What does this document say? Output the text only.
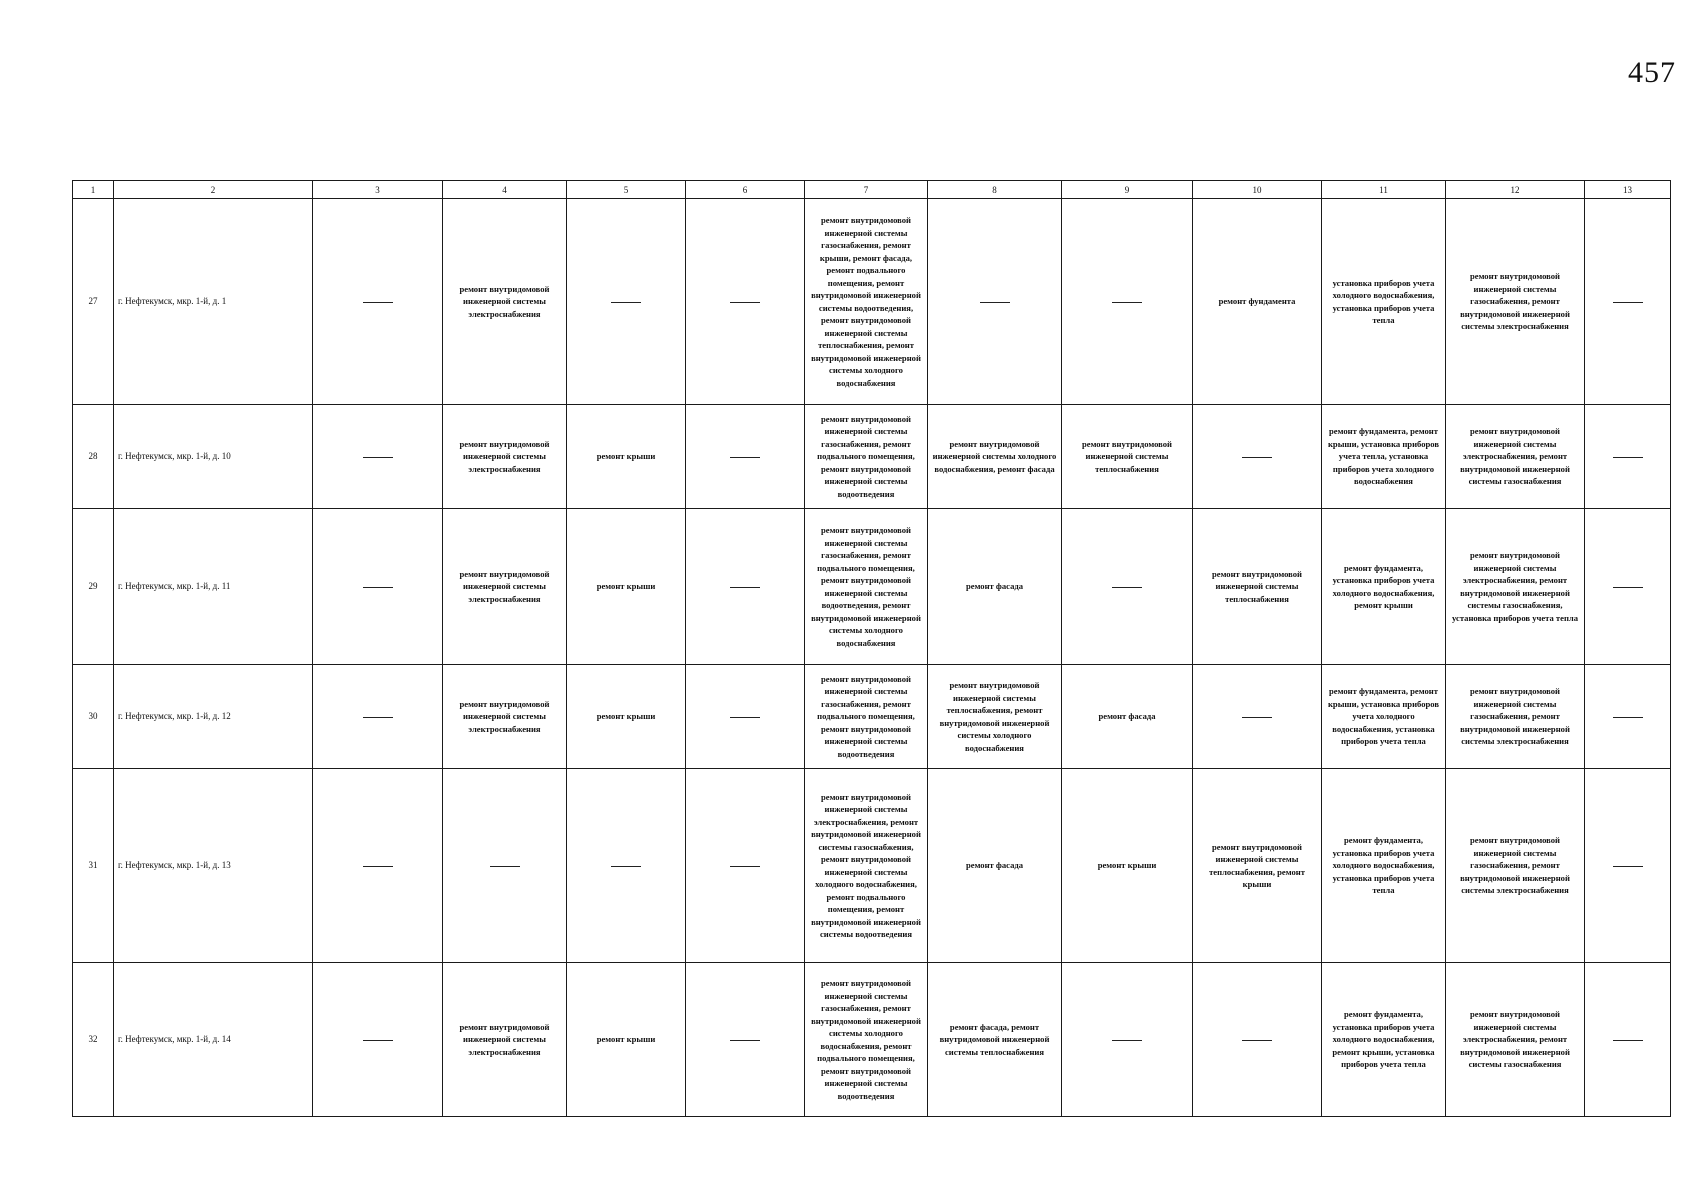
457
1	2	3	4	5	6	7	8	9	10	11	12	13
27	г. Нефтекумск, мкр. 1-й, д. 1		ремонт внутридомовой инженерной системы электроснабжения			ремонт внутридомовой инженерной системы газоснабжения, ремонт крыши, ремонт фасада, ремонт подвального помещения, ремонт внутридомовой инженерной системы водоотведения, ремонт внутридомовой инженерной системы теплоснабжения, ремонт внутридомовой инженерной системы холодного водоснабжения			ремонт фундамента	установка приборов учета холодного водоснабжения, установка приборов учета тепла	ремонт внутридомовой инженерной системы газоснабжения, ремонт внутридомовой инженерной системы электроснабжения	
28	г. Нефтекумск, мкр. 1-й, д. 10		ремонт внутридомовой инженерной системы электроснабжения	ремонт крыши		ремонт внутридомовой инженерной системы газоснабжения, ремонт подвального помещения, ремонт внутридомовой инженерной системы водоотведения	ремонт внутридомовой инженерной системы холодного водоснабжения, ремонт фасада	ремонт внутридомовой инженерной системы теплоснабжения		ремонт фундамента, ремонт крыши, установка приборов учета тепла, установка приборов учета холодного водоснабжения	ремонт внутридомовой инженерной системы электроснабжения, ремонт внутридомовой инженерной системы газоснабжения	
29	г. Нефтекумск, мкр. 1-й, д. 11		ремонт внутридомовой инженерной системы электроснабжения	ремонт крыши		ремонт внутридомовой инженерной системы газоснабжения, ремонт подвального помещения, ремонт внутридомовой инженерной системы водоотведения, ремонт внутридомовой инженерной системы холодного водоснабжения	ремонт фасада		ремонт внутридомовой инженерной системы теплоснабжения	ремонт фундамента, установка приборов учета холодного водоснабжения, ремонт крыши	ремонт внутридомовой инженерной системы электроснабжения, ремонт внутридомовой инженерной системы газоснабжения, установка приборов учета тепла	
30	г. Нефтекумск, мкр. 1-й, д. 12		ремонт внутридомовой инженерной системы электроснабжения	ремонт крыши		ремонт внутридомовой инженерной системы газоснабжения, ремонт подвального помещения, ремонт внутридомовой инженерной системы водоотведения	ремонт внутридомовой инженерной системы теплоснабжения, ремонт внутридомовой инженерной системы холодного водоснабжения	ремонт фасада		ремонт фундамента, ремонт крыши, установка приборов учета холодного водоснабжения, установка приборов учета тепла	ремонт внутридомовой инженерной системы газоснабжения, ремонт внутридомовой инженерной системы электроснабжения	
31	г. Нефтекумск, мкр. 1-й, д. 13					ремонт внутридомовой инженерной системы электроснабжения, ремонт внутридомовой инженерной системы газоснабжения, ремонт внутридомовой инженерной системы холодного водоснабжения, ремонт подвального помещения, ремонт внутридомовой инженерной системы водоотведения	ремонт фасада	ремонт крыши	ремонт внутридомовой инженерной системы теплоснабжения, ремонт крыши	ремонт фундамента, установка приборов учета холодного водоснабжения, установка приборов учета тепла	ремонт внутридомовой инженерной системы газоснабжения, ремонт внутридомовой инженерной системы электроснабжения	
32	г. Нефтекумск, мкр. 1-й, д. 14		ремонт внутридомовой инженерной системы электроснабжения	ремонт крыши		ремонт внутридомовой инженерной системы газоснабжения, ремонт внутридомовой инженерной системы холодного водоснабжения, ремонт подвального помещения, ремонт внутридомовой инженерной системы водоотведения	ремонт фасада, ремонт внутридомовой инженерной системы теплоснабжения			ремонт фундамента, установка приборов учета холодного водоснабжения, ремонт крыши, установка приборов учета тепла	ремонт внутридомовой инженерной системы электроснабжения, ремонт внутридомовой инженерной системы газоснабжения	
